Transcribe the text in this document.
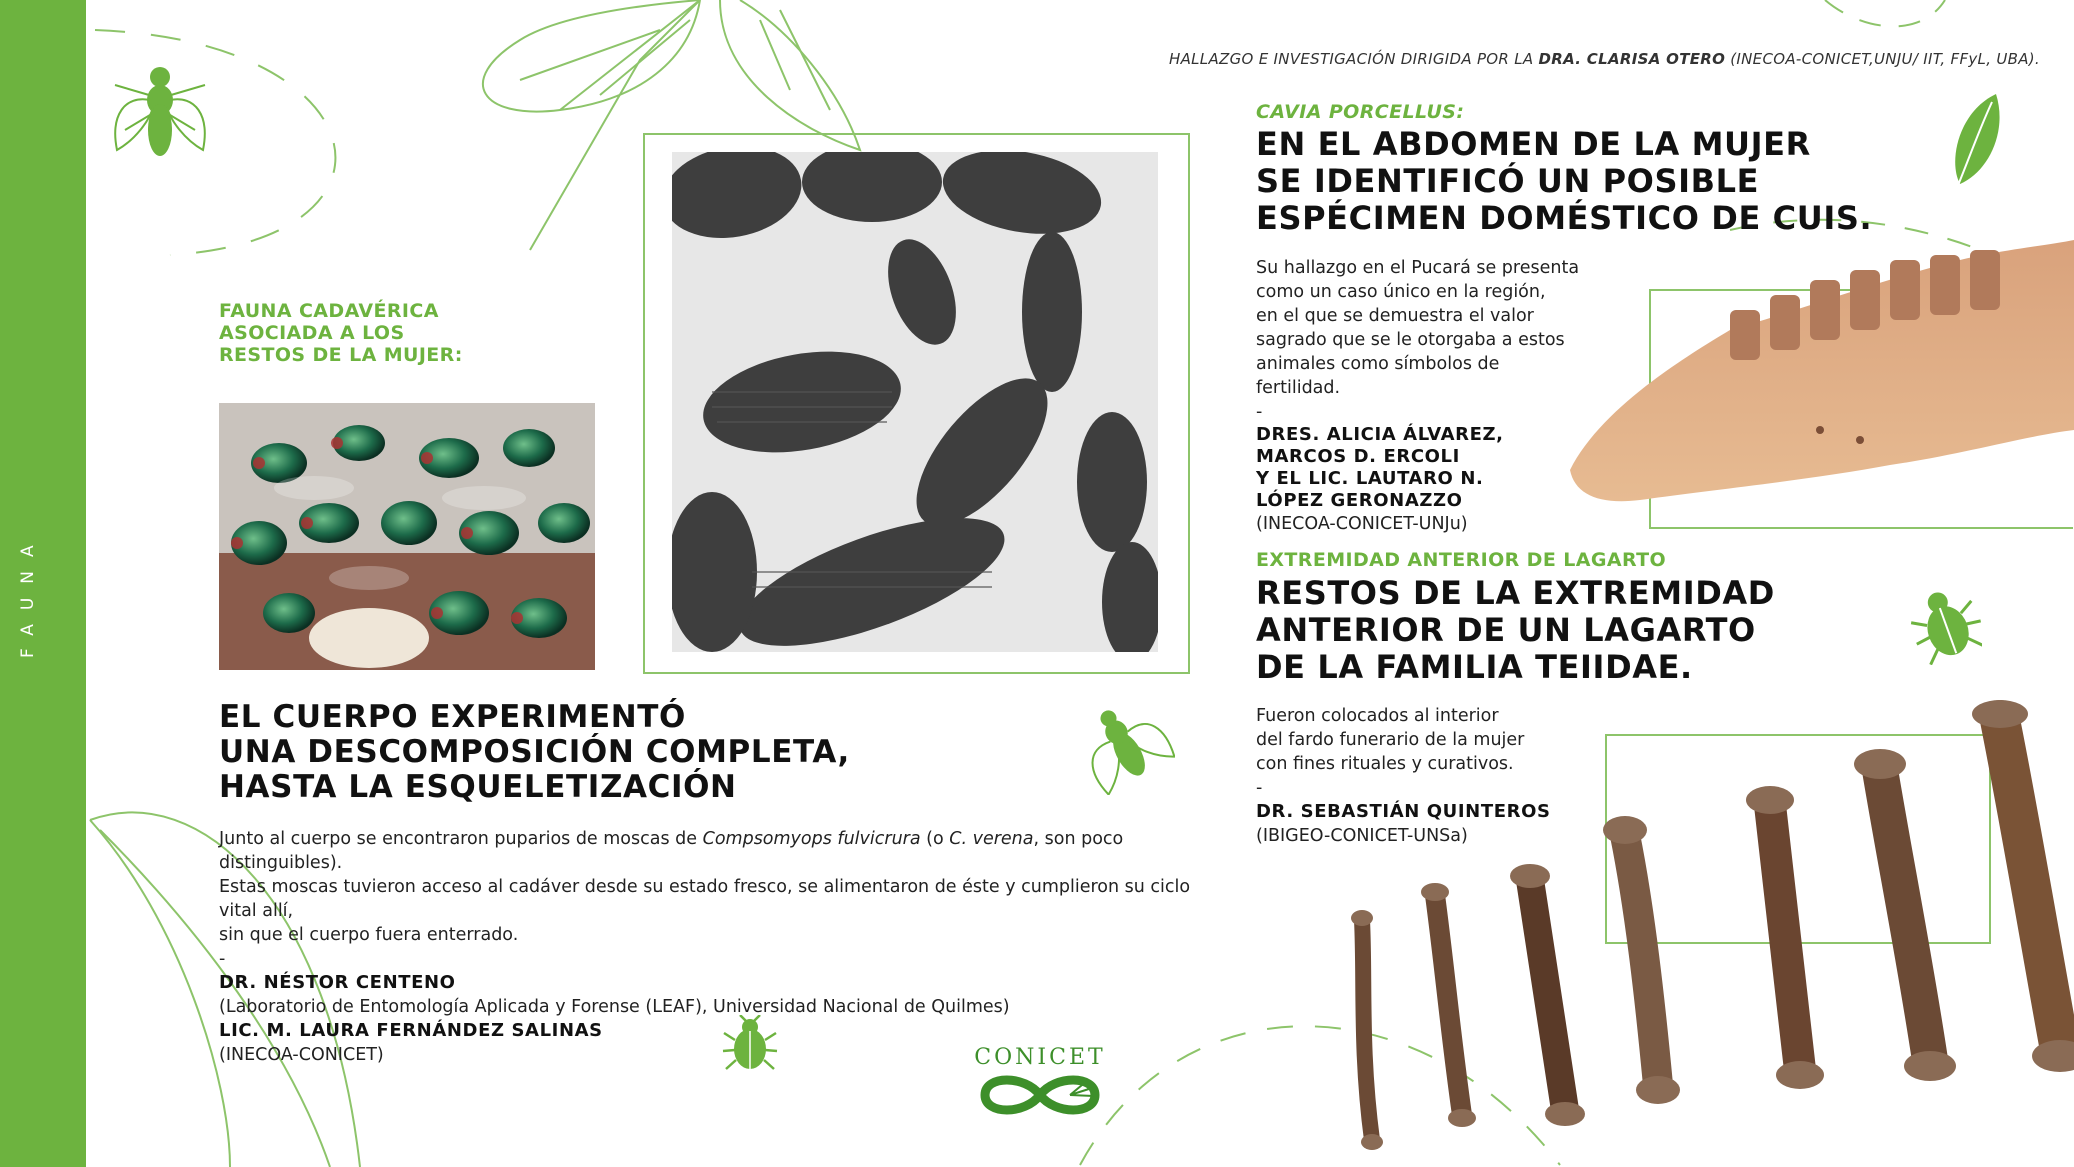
FAUNA
HALLAZGO E INVESTIGACIÓN DIRIGIDA POR LA DRA. CLARISA OTERO (INECOA-CONICET,UNJU/ IIT, FFyL, UBA).
FAUNA CADAVÉRICA
ASOCIADA A LOS
RESTOS DE LA MUJER:
EL CUERPO EXPERIMENTÓ
UNA DESCOMPOSICIÓN COMPLETA,
HASTA LA ESQUELETIZACIÓN
Junto al cuerpo se encontraron puparios de moscas de Compsomyops fulvicrura (o C. verena, son poco distinguibles).
Estas moscas tuvieron acceso al cadáver desde su estado fresco, se alimentaron de éste y cumplieron su ciclo vital allí,
sin que el cuerpo fuera enterrado.
-
DR. NÉSTOR CENTENO
(Laboratorio de Entomología Aplicada y Forense (LEAF), Universidad Nacional de Quilmes)
LIC. M. LAURA FERNÁNDEZ SALINAS
(INECOA-CONICET)	CONICET
CAVIA PORCELLUS:
EN EL ABDOMEN DE LA MUJER
SE IDENTIFICÓ UN POSIBLE
ESPÉCIMEN DOMÉSTICO DE CUIS.
Su hallazgo en el Pucará se presenta
como un caso único en la región,
en el que se demuestra el valor
sagrado que se le otorgaba a estos
animales como símbolos de fertilidad.
-
DRES. ALICIA ÁLVAREZ,
MARCOS D. ERCOLI
Y EL LIC. LAUTARO N.
LÓPEZ GERONAZZO
(INECOA-CONICET-UNJu)
EXTREMIDAD ANTERIOR DE LAGARTO
RESTOS DE LA EXTREMIDAD
ANTERIOR DE UN LAGARTO
DE LA FAMILIA TEIIDAE.
Fueron colocados al interior
del fardo funerario de la mujer
con fines rituales y curativos.
-
DR. SEBASTIÁN QUINTEROS
(IBIGEO-CONICET-UNSa)
